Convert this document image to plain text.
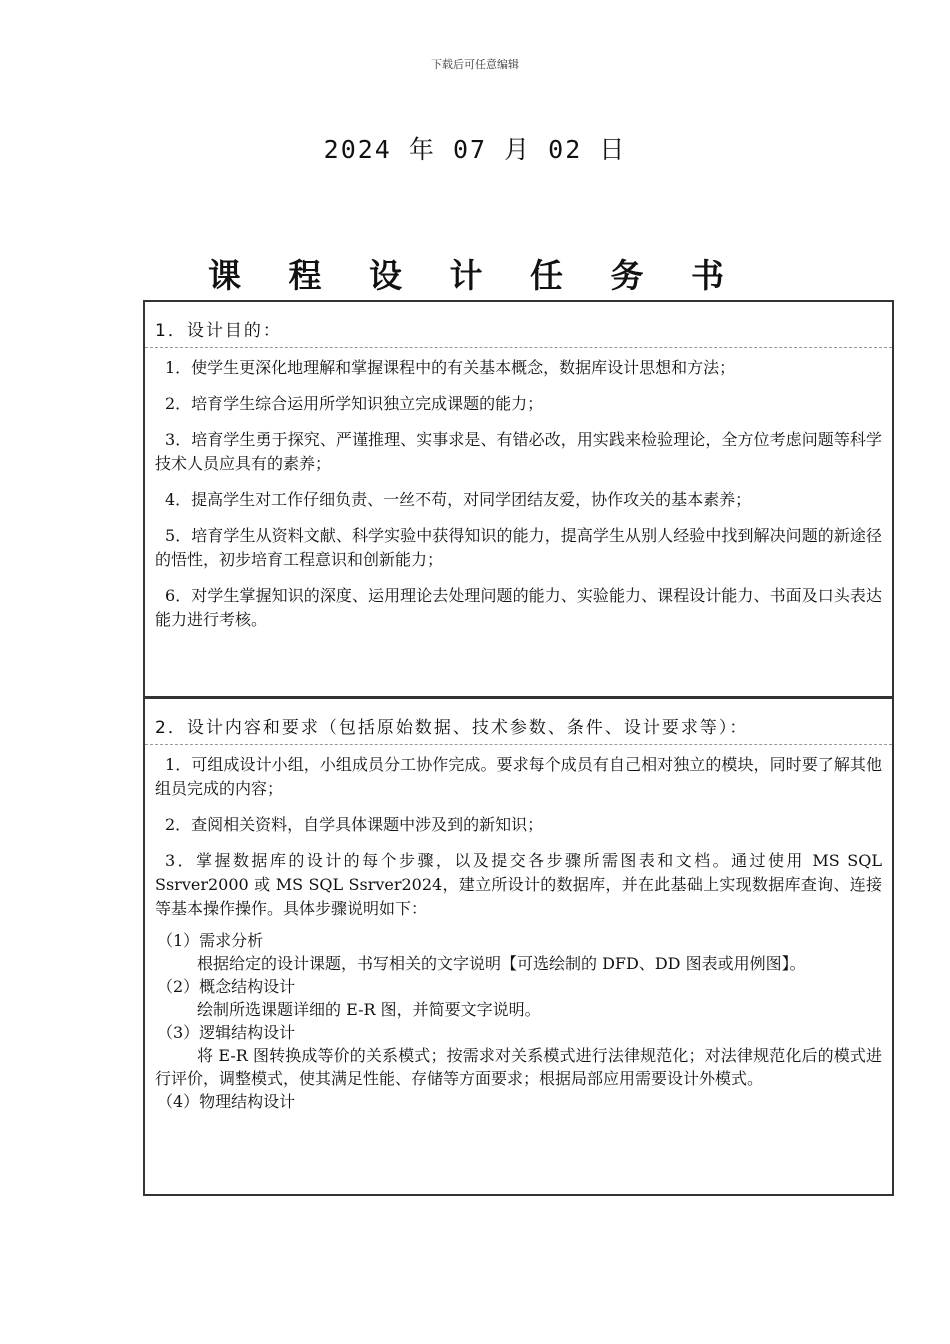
下载后可任意编辑
2024 年 07 月 02 日
课 程 设 计 任 务 书
1．设计目的：

1．使学生更深化地理解和掌握课程中的有关基本概念，数据库设计思想和方法；

2．培育学生综合运用所学知识独立完成课题的能力；

3．培育学生勇于探究、严谨推理、实事求是、有错必改，用实践来检验理论，全方位考虑问题等科学技术人员应具有的素养；

4．提高学生对工作仔细负责、一丝不苟，对同学团结友爱，协作攻关的基本素养；

5．培育学生从资料文献、科学实验中获得知识的能力，提高学生从别人经验中找到解决问题的新途径的悟性，初步培育工程意识和创新能力；

6．对学生掌握知识的深度、运用理论去处理问题的能力、实验能力、课程设计能力、书面及口头表达能力进行考核。

2．设计内容和要求（包括原始数据、技术参数、条件、设计要求等）：

1．可组成设计小组，小组成员分工协作完成。要求每个成员有自己相对独立的模块，同时要了解其他组员完成的内容；

2．查阅相关资料，自学具体课题中涉及到的新知识；

3．掌握数据库的设计的每个步骤，以及提交各步骤所需图表和文档。通过使用 MS SQL Ssrver2000 或 MS SQL Ssrver2024，建立所设计的数据库，并在此基础上实现数据库查询、连接等基本操作操作。具体步骤说明如下：

（1）需求分析
根据给定的设计课题，书写相关的文字说明【可选绘制的 DFD、DD 图表或用例图】。
（2）概念结构设计
绘制所选课题详细的 E-R 图，并简要文字说明。
（3）逻辑结构设计
将 E-R 图转换成等价的关系模式；按需求对关系模式进行法律规范化；对法律规范化后的模式进行评价，调整模式，使其满足性能、存储等方面要求；根据局部应用需要设计外模式。
（4）物理结构设计
